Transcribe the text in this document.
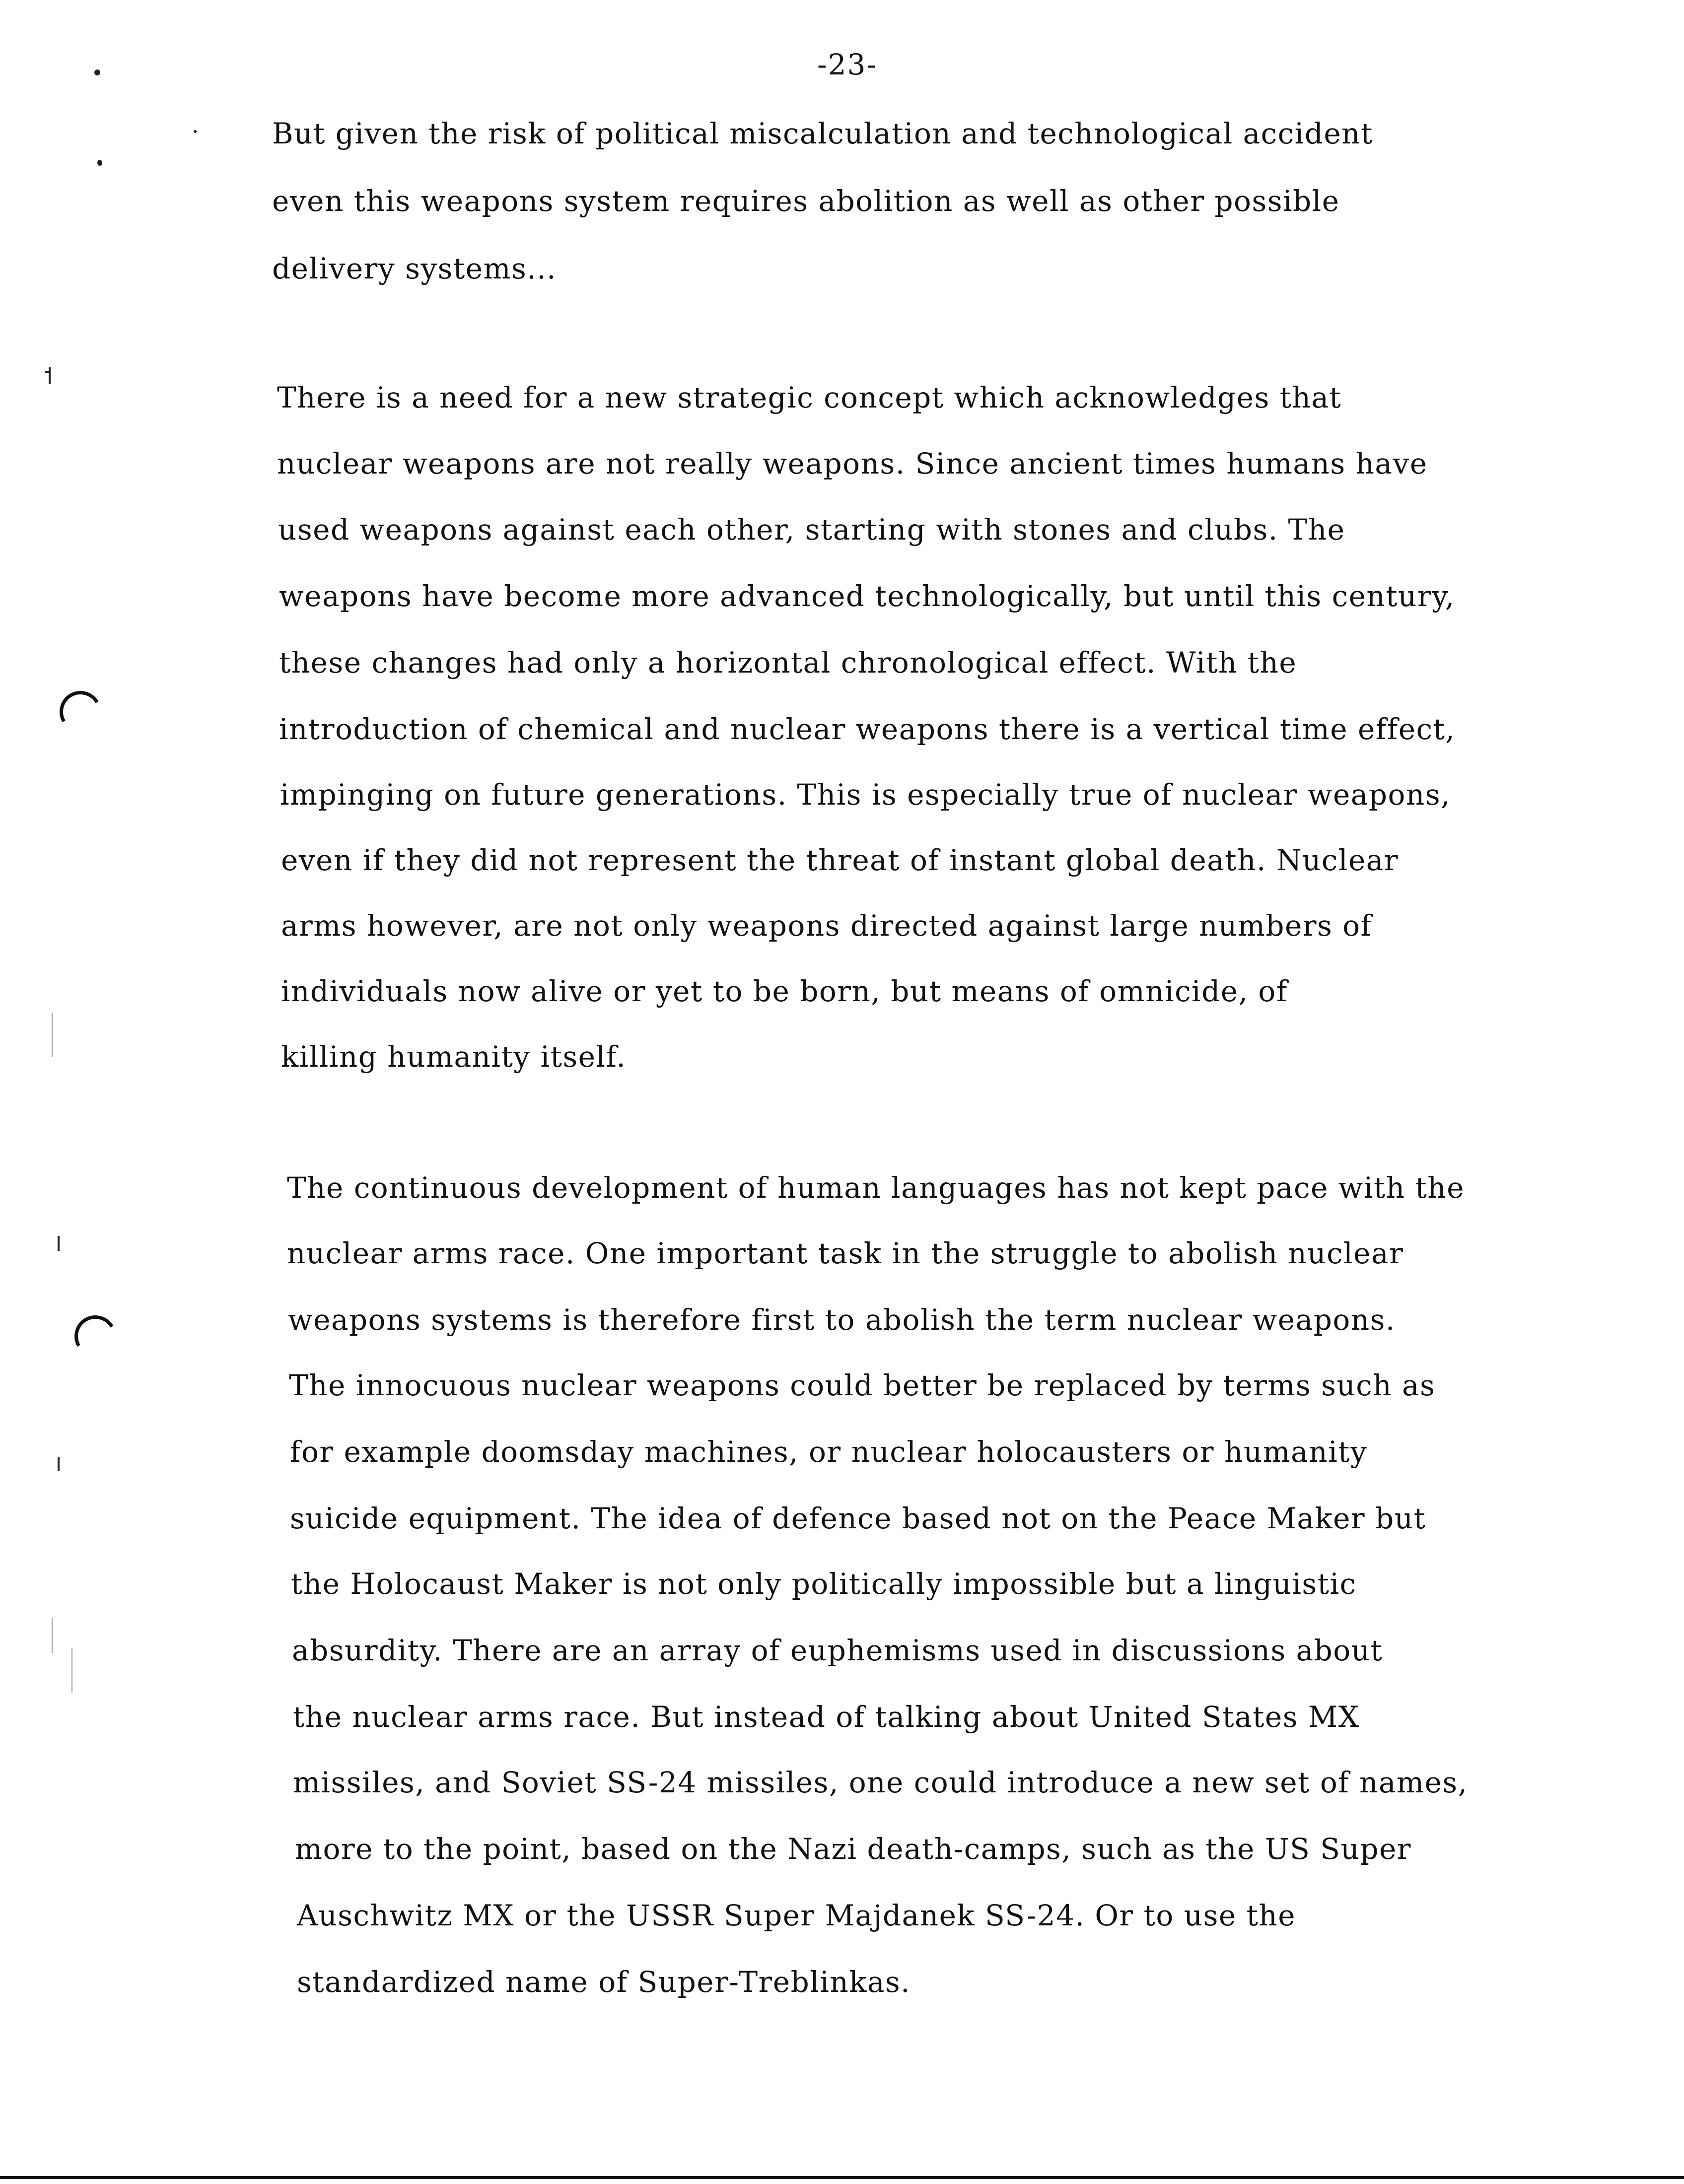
-23-
But given the risk of political miscalculation and technological accident
even this weapons system requires abolition as well as other possible
delivery systems...
There is a need for a new strategic concept which acknowledges that
nuclear weapons are not really weapons. Since ancient times humans have
used weapons against each other, starting with stones and clubs. The
weapons have become more advanced technologically, but until this century,
these changes had only a horizontal chronological effect. With the
introduction of chemical and nuclear weapons there is a vertical time effect,
impinging on future generations. This is especially true of nuclear weapons,
even if they did not represent the threat of instant global death. Nuclear
arms however, are not only weapons directed against large numbers of
individuals now alive or yet to be born, but means of omnicide, of
killing humanity itself.
The continuous development of human languages has not kept pace with the
nuclear arms race. One important task in the struggle to abolish nuclear
weapons systems is therefore first to abolish the term nuclear weapons.
The innocuous nuclear weapons could better be replaced by terms such as
for example doomsday machines, or nuclear holocausters or humanity
suicide equipment. The idea of defence based not on the Peace Maker but
the Holocaust Maker is not only politically impossible but a linguistic
absurdity. There are an array of euphemisms used in discussions about
the nuclear arms race. But instead of talking about United States MX
missiles, and Soviet SS-24 missiles, one could introduce a new set of names,
more to the point, based on the Nazi death-camps, such as the US Super
Auschwitz MX or the USSR Super Majdanek SS-24. Or to use the
standardized name of Super-Treblinkas.
